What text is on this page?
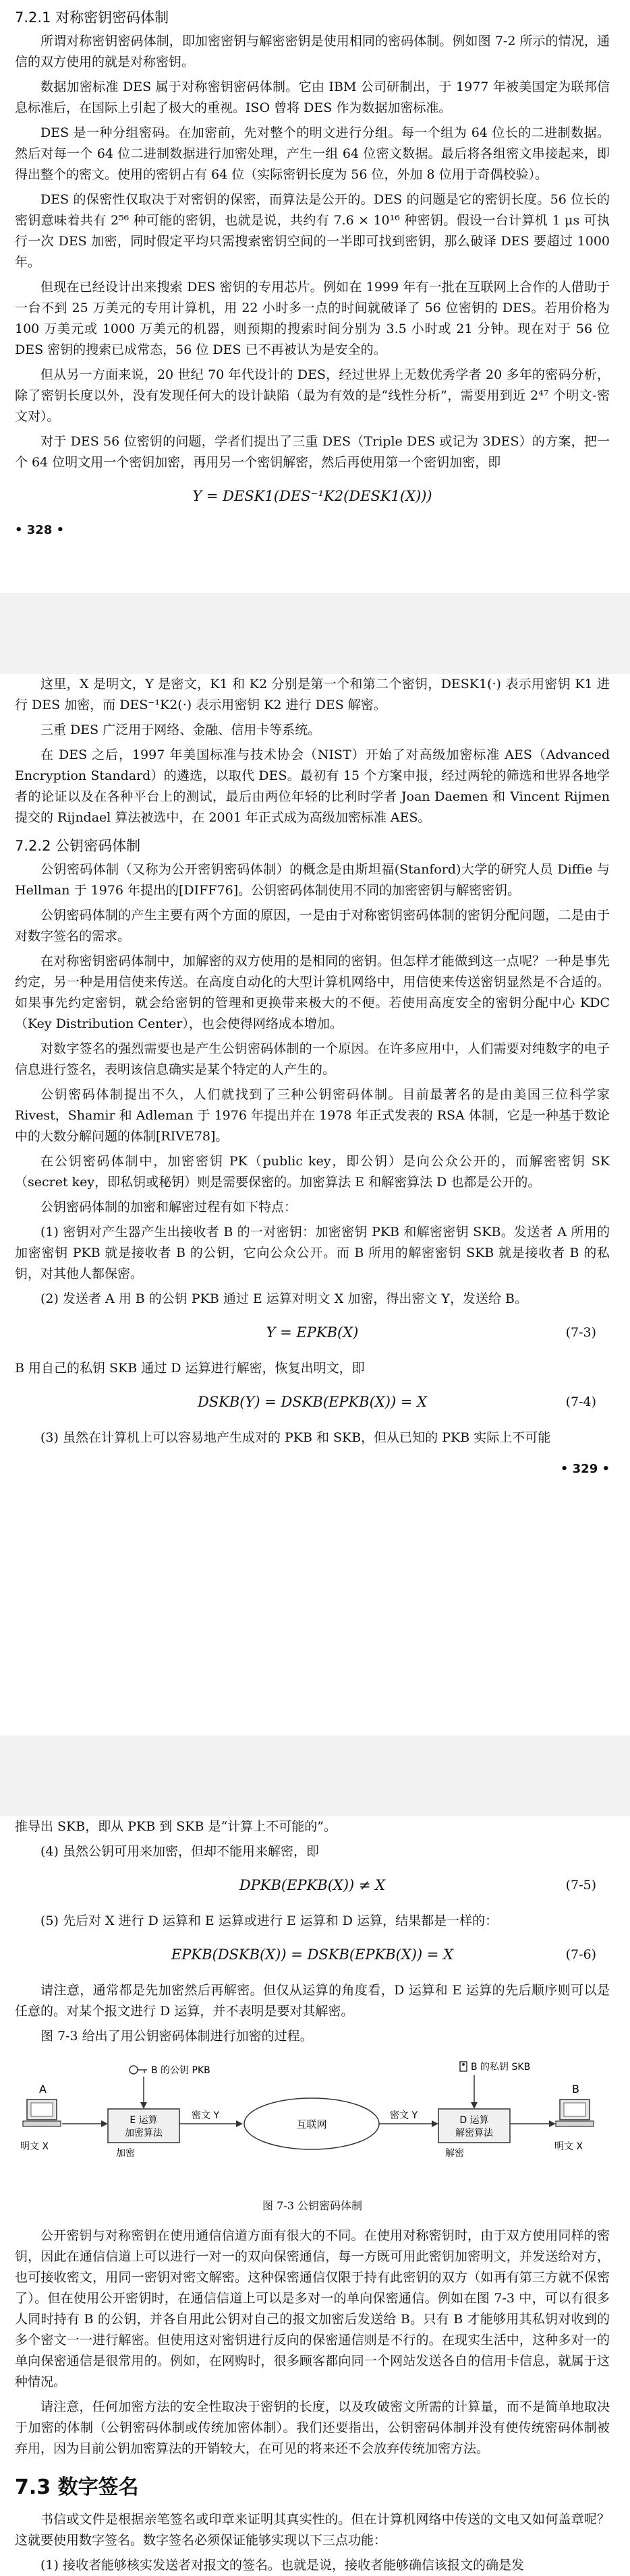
7.2.1 对称密钥密码体制

所谓对称密钥密码体制，即加密密钥与解密密钥是使用相同的密码体制。例如图 7-2 所示的情况，通信的双方使用的就是对称密钥。

数据加密标准 DES 属于对称密钥密码体制。它由 IBM 公司研制出，于 1977 年被美国定为联邦信息标准后，在国际上引起了极大的重视。ISO 曾将 DES 作为数据加密标准。

DES 是一种分组密码。在加密前，先对整个的明文进行分组。每一个组为 64 位长的二进制数据。然后对每一个 64 位二进制数据进行加密处理，产生一组 64 位密文数据。最后将各组密文串接起来，即得出整个的密文。使用的密钥占有 64 位（实际密钥长度为 56 位，外加 8 位用于奇偶校验）。

DES 的保密性仅取决于对密钥的保密，而算法是公开的。DES 的问题是它的密钥长度。56 位长的密钥意味着共有 2⁵⁶ 种可能的密钥，也就是说，共约有 7.6 × 10¹⁶ 种密钥。假设一台计算机 1 μs 可执行一次 DES 加密，同时假定平均只需搜索密钥空间的一半即可找到密钥，那么破译 DES 要超过 1000 年。

但现在已经设计出来搜索 DES 密钥的专用芯片。例如在 1999 年有一批在互联网上合作的人借助于一台不到 25 万美元的专用计算机，用 22 小时多一点的时间就破译了 56 位密钥的 DES。若用价格为 100 万美元或 1000 万美元的机器，则预期的搜索时间分别为 3.5 小时或 21 分钟。现在对于 56 位 DES 密钥的搜索已成常态，56 位 DES 已不再被认为是安全的。

但从另一方面来说，20 世纪 70 年代设计的 DES，经过世界上无数优秀学者 20 多年的密码分析，除了密钥长度以外，没有发现任何大的设计缺陷（最为有效的是“线性分析”，需要用到近 2⁴⁷ 个明文-密文对）。

对于 DES 56 位密钥的问题，学者们提出了三重 DES（Triple DES 或记为 3DES）的方案，把一个 64 位明文用一个密钥加密，再用另一个密钥解密，然后再使用第一个密钥加密，即

Y = DESK1(DES⁻¹K2(DESK1(X)))
• 328 •

这里，X 是明文，Y 是密文，K1 和 K2 分别是第一个和第二个密钥，DESK1(·) 表示用密钥 K1 进行 DES 加密，而 DES⁻¹K2(·) 表示用密钥 K2 进行 DES 解密。

三重 DES 广泛用于网络、金融、信用卡等系统。

在 DES 之后，1997 年美国标准与技术协会（NIST）开始了对高级加密标准 AES（Advanced Encryption Standard）的遴选，以取代 DES。最初有 15 个方案申报，经过两轮的筛选和世界各地学者的论证以及在各种平台上的测试，最后由两位年轻的比利时学者 Joan Daemen 和 Vincent Rijmen 提交的 Rijndael 算法被选中，在 2001 年正式成为高级加密标准 AES。

7.2.2 公钥密码体制

公钥密码体制（又称为公开密钥密码体制）的概念是由斯坦福(Stanford)大学的研究人员 Diffie 与 Hellman 于 1976 年提出的[DIFF76]。公钥密码体制使用不同的加密密钥与解密密钥。

公钥密码体制的产生主要有两个方面的原因，一是由于对称密钥密码体制的密钥分配问题，二是由于对数字签名的需求。

在对称密钥密码体制中，加解密的双方使用的是相同的密钥。但怎样才能做到这一点呢？一种是事先约定，另一种是用信使来传送。在高度自动化的大型计算机网络中，用信使来传送密钥显然是不合适的。如果事先约定密钥，就会给密钥的管理和更换带来极大的不便。若使用高度安全的密钥分配中心 KDC（Key Distribution Center），也会使得网络成本增加。

对数字签名的强烈需要也是产生公钥密码体制的一个原因。在许多应用中，人们需要对纯数字的电子信息进行签名，表明该信息确实是某个特定的人产生的。

公钥密码体制提出不久，人们就找到了三种公钥密码体制。目前最著名的是由美国三位科学家 Rivest，Shamir 和 Adleman 于 1976 年提出并在 1978 年正式发表的 RSA 体制，它是一种基于数论中的大数分解问题的体制[RIVE78]。

在公钥密码体制中，加密密钥 PK（public key，即公钥）是向公众公开的，而解密密钥 SK（secret key，即私钥或秘钥）则是需要保密的。加密算法 E 和解密算法 D 也都是公开的。

公钥密码体制的加密和解密过程有如下特点：

(1) 密钥对产生器产生出接收者 B 的一对密钥：加密密钥 PKB 和解密密钥 SKB。发送者 A 所用的加密密钥 PKB 就是接收者 B 的公钥，它向公众公开。而 B 所用的解密密钥 SKB 就是接收者 B 的私钥，对其他人都保密。

(2) 发送者 A 用 B 的公钥 PKB 通过 E 运算对明文 X 加密，得出密文 Y，发送给 B。

Y = EPKB(X)	(7-3)

B 用自己的私钥 SKB 通过 D 运算进行解密，恢复出明文，即

DSKB(Y) = DSKB(EPKB(X)) = X	(7-4)

(3) 虽然在计算机上可以容易地产生成对的 PKB 和 SKB，但从已知的 PKB 实际上不可能

• 329 •

推导出 SKB，即从 PKB 到 SKB 是“计算上不可能的”。

(4) 虽然公钥可用来加密，但却不能用来解密，即

DPKB(EPKB(X)) ≠ X	(7-5)

(5) 先后对 X 进行 D 运算和 E 运算或进行 E 运算和 D 运算，结果都是一样的：

EPKB(DSKB(X)) = DSKB(EPKB(X)) = X	(7-6)

请注意，通常都是先加密然后再解密。但仅从运算的角度看，D 运算和 E 运算的先后顺序则可以是任意的。对某个报文进行 D 运算，并不表明是要对其解密。

图 7-3 给出了用公钥密码体制进行加密的过程。

A
明文 X
E 运算
加密算法
B 的公钥 PKB
加密
密文 Y
互联网
密文 Y	D 运算
解密算法
B 的私钥 SKB
解密
B
明文 X

图 7-3 公钥密码体制

公开密钥与对称密钥在使用通信信道方面有很大的不同。在使用对称密钥时，由于双方使用同样的密钥，因此在通信信道上可以进行一对一的双向保密通信，每一方既可用此密钥加密明文，并发送给对方，也可接收密文，用同一密钥对密文解密。这种保密通信仅限于持有此密钥的双方（如再有第三方就不保密了）。但在使用公开密钥时，在通信信道上可以是多对一的单向保密通信。例如在图 7-3 中，可以有很多人同时持有 B 的公钥，并各自用此公钥对自己的报文加密后发送给 B。只有 B 才能够用其私钥对收到的多个密文一一进行解密。但使用这对密钥进行反向的保密通信则是不行的。在现实生活中，这种多对一的单向保密通信是很常用的。例如，在网购时，很多顾客都向同一个网站发送各自的信用卡信息，就属于这种情况。

请注意，任何加密方法的安全性取决于密钥的长度，以及攻破密文所需的计算量，而不是简单地取决于加密的体制（公钥密码体制或传统加密体制）。我们还要指出，公钥密码体制并没有使传统密码体制被弃用，因为目前公钥加密算法的开销较大，在可见的将来还不会放弃传统加密方法。

7.3 数字签名

书信或文件是根据亲笔签名或印章来证明其真实性的。但在计算机网络中传送的文电又如何盖章呢？这就要使用数字签名。数字签名必须保证能够实现以下三点功能：

(1) 接收者能够核实发送者对报文的签名。也就是说，接收者能够确信该报文的确是发
